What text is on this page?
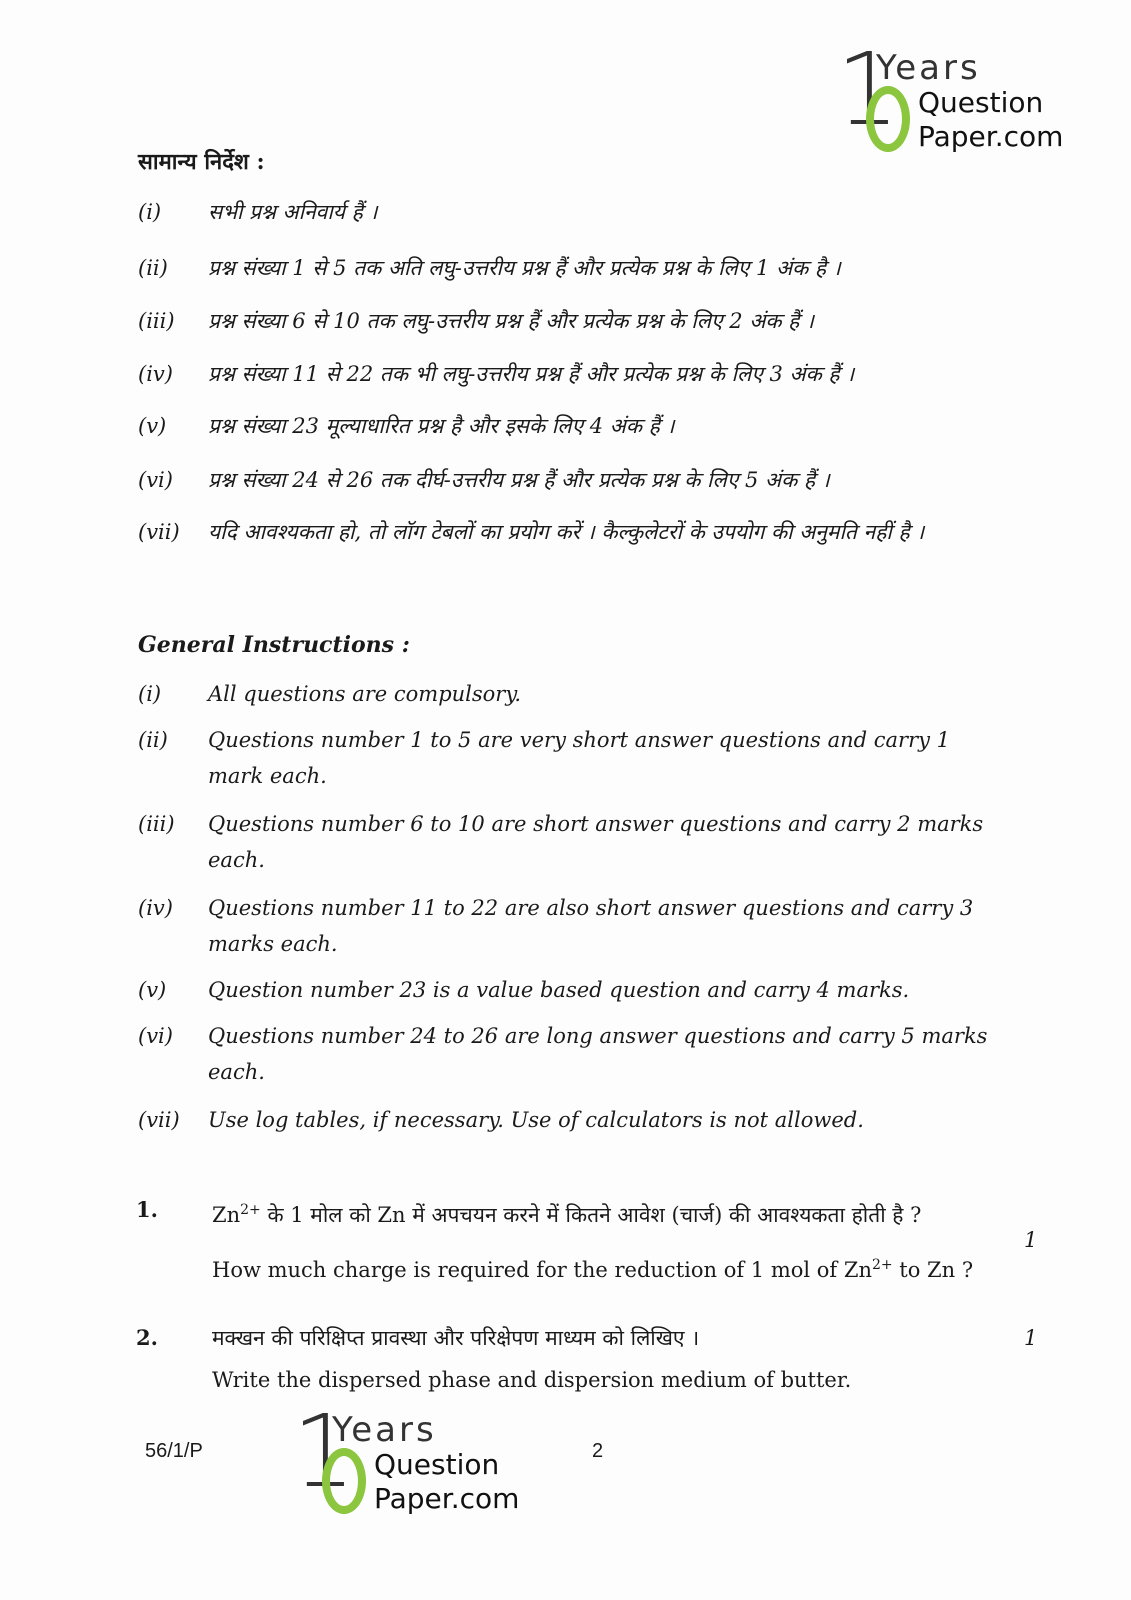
1
Years
Question
Paper.com
सामान्य निर्देश :
(i)	सभी प्रश्न अनिवार्य हैं ।
(ii)	प्रश्न संख्या 1 से 5 तक अति लघु-उत्तरीय प्रश्न हैं और प्रत्येक प्रश्न के लिए 1 अंक है ।
(iii)	प्रश्न संख्या 6 से 10 तक लघु-उत्तरीय प्रश्न हैं और प्रत्येक प्रश्न के लिए 2 अंक हैं ।
(iv)	प्रश्न संख्या 11 से 22 तक भी लघु-उत्तरीय प्रश्न हैं और प्रत्येक प्रश्न के लिए 3 अंक हैं ।
(v)	प्रश्न संख्या 23 मूल्याधारित प्रश्न है और इसके लिए 4 अंक हैं ।
(vi)	प्रश्न संख्या 24 से 26 तक दीर्घ-उत्तरीय प्रश्न हैं और प्रत्येक प्रश्न के लिए 5 अंक हैं ।
(vii)	यदि आवश्यकता हो, तो लॉग टेबलों का प्रयोग करें । कैल्कुलेटरों के उपयोग की अनुमति नहीं है ।
General Instructions :
(i)	All questions are compulsory.
(ii)	Questions number 1 to 5 are very short answer questions and carry 1 mark each.
(iii)	Questions number 6 to 10 are short answer questions and carry 2 marks each.
(iv)	Questions number 11 to 22 are also short answer questions and carry 3 marks each.
(v)	Question number 23 is a value based question and carry 4 marks.
(vi)	Questions number 24 to 26 are long answer questions and carry 5 marks each.
(vii)	Use log tables, if necessary. Use of calculators is not allowed.
1.	$Zn^{2+}$ के 1 मोल को Zn में अपचयन करने में कितने आवेश (चार्ज) की आवश्यकता होती है ?
How much charge is required for the reduction of 1 mol of $Zn^{2+}$ to Zn ?
1
2.	मक्खन की परिक्षिप्त प्रावस्था और परिक्षेपण माध्यम को लिखिए ।
Write the dispersed phase and dispersion medium of butter.
1
56/1/P	2
1
Years
Question
Paper.com
